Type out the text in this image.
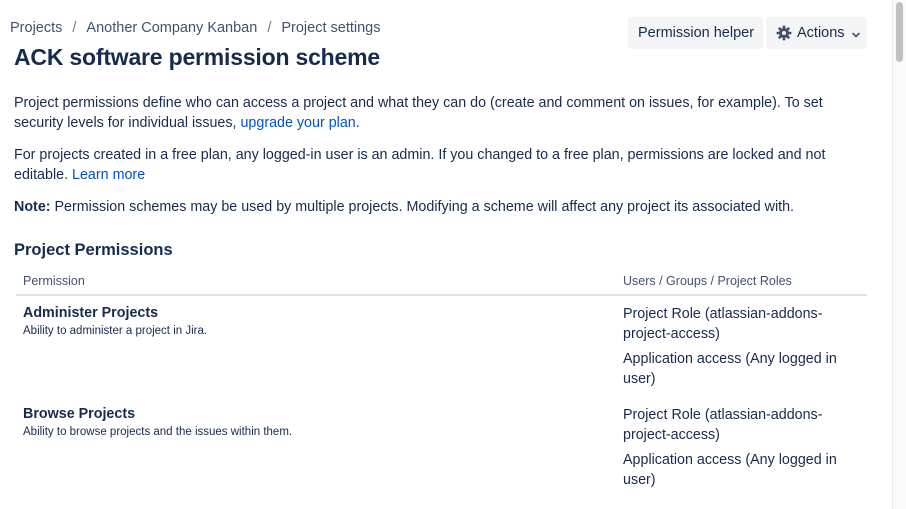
Projects / Another Company Kanban / Project settings
ACK software permission scheme
Permission helper	Actions

Project permissions define who can access a project and what they can do (create and comment on issues, for example). To set security levels for individual issues, upgrade your plan.

For projects created in a free plan, any logged-in user is an admin. If you changed to a free plan, permissions are locked and not editable. Learn more

Note: Permission schemes may be used by multiple projects. Modifying a scheme will affect any project its associated with.

Project Permissions
Permission	Users / Groups / Project Roles
Administer Projects
Ability to administer a project in Jira.
Project Role (atlassian-addons-project-access)
Application access (Any logged in user)
Browse Projects
Ability to browse projects and the issues within them.
Project Role (atlassian-addons-project-access)
Application access (Any logged in user)
